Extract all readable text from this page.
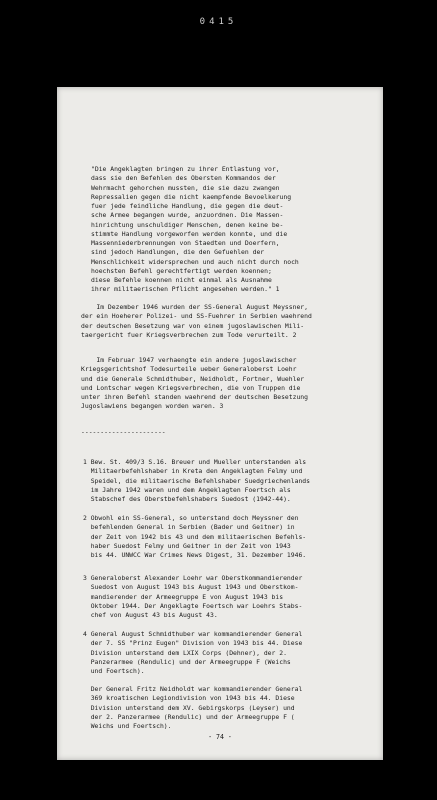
0415
"Die Angeklagten bringen zu ihrer Entlastung vor,
dass sie den Befehlen des Obersten Kommandos der
Wehrmacht gehorchen mussten, die sie dazu zwangen
Repressalien gegen die nicht kaempfende Bevoelkerung
fuer jede feindliche Handlung, die gegen die deut-
sche Armee begangen wurde, anzuordnen. Die Massen-
hinrichtung unschuldiger Menschen, denen keine be-
stimmte Handlung vorgeworfen werden konnte, und die
Massenniederbrennungen von Staedten und Doerfern,
sind jedoch Handlungen, die den Gefuehlen der
Menschlichkeit widersprechen und auch nicht durch noch
hoechsten Befehl gerechtfertigt werden koennen;
diese Befehle koennen nicht einmal als Ausnahme
ihrer militaerischen Pflicht angesehen werden." 1
Im Dezember 1946 wurden der SS-General August Meyssner,
der ein Hoeherer Polizei- und SS-Fuehrer in Serbien waehrend
der deutschen Besetzung war von einem jugoslawischen Mili-
taergericht fuer Kriegsverbrechen zum Tode verurteilt. 2
Im Februar 1947 verhaengte ein andere jugoslawischer
Kriegsgerichtshof Todesurteile ueber Generaloberst Loehr
und die Generale Schmidthuber, Neidholdt, Fortner, Wuehler
und Lontschar wegen Kriegsverbrechen, die von Truppen die
unter ihren Befehl standen waehrend der deutschen Besetzung
Jugoslawiens begangen worden waren. 3
----------------------
1 Bew. St. 409/3 S.16. Breuer und Mueller unterstanden als
Militaerbefehlshaber in Kreta den Angeklagten Felmy und
Speidel, die militaerische Befehlshaber Suedgriechenlands
im Jahre 1942 waren und dem Angeklagten Foertsch als
Stabschef des Oberstbefehlshabers Suedost (1942-44).
2 Obwohl ein SS-General, so unterstand doch Meyssner den
befehlenden General in Serbien (Bader und Geitner) in
der Zeit von 1942 bis 43 und dem militaerischen Befehls-
haber Suedost Felmy und Geitner in der Zeit von 1943
bis 44. UNWCC War Crimes News Digest, 31. Dezember 1946.
3 Generaloberst Alexander Loehr war Oberstkommandierender
Suedost von August 1943 bis August 1943 und Oberstkom-
mandierender der Armeegruppe E von August 1943 bis
Oktober 1944. Der Angeklagte Foertsch war Loehrs Stabs-
chef von August 43 bis August 43.
4 General August Schmidthuber war kommandierender General
der 7. SS "Prinz Eugen" Division von 1943 bis 44. Diese
Division unterstand dem LXIX Corps (Dehner), der 2.
Panzerarmee (Rendulic) und der Armeegruppe F (Weichs
und Foertsch).
Der General Fritz Neidholdt war kommandierender General
369 kroatischen Legiondivision von 1943 bis 44. Diese
Division unterstand dem XV. Gebirgskorps (Leyser) und
der 2. Panzerarmee (Rendulic) und der Armeegruppe F (
Weichs und Foertsch).
- 74 -
